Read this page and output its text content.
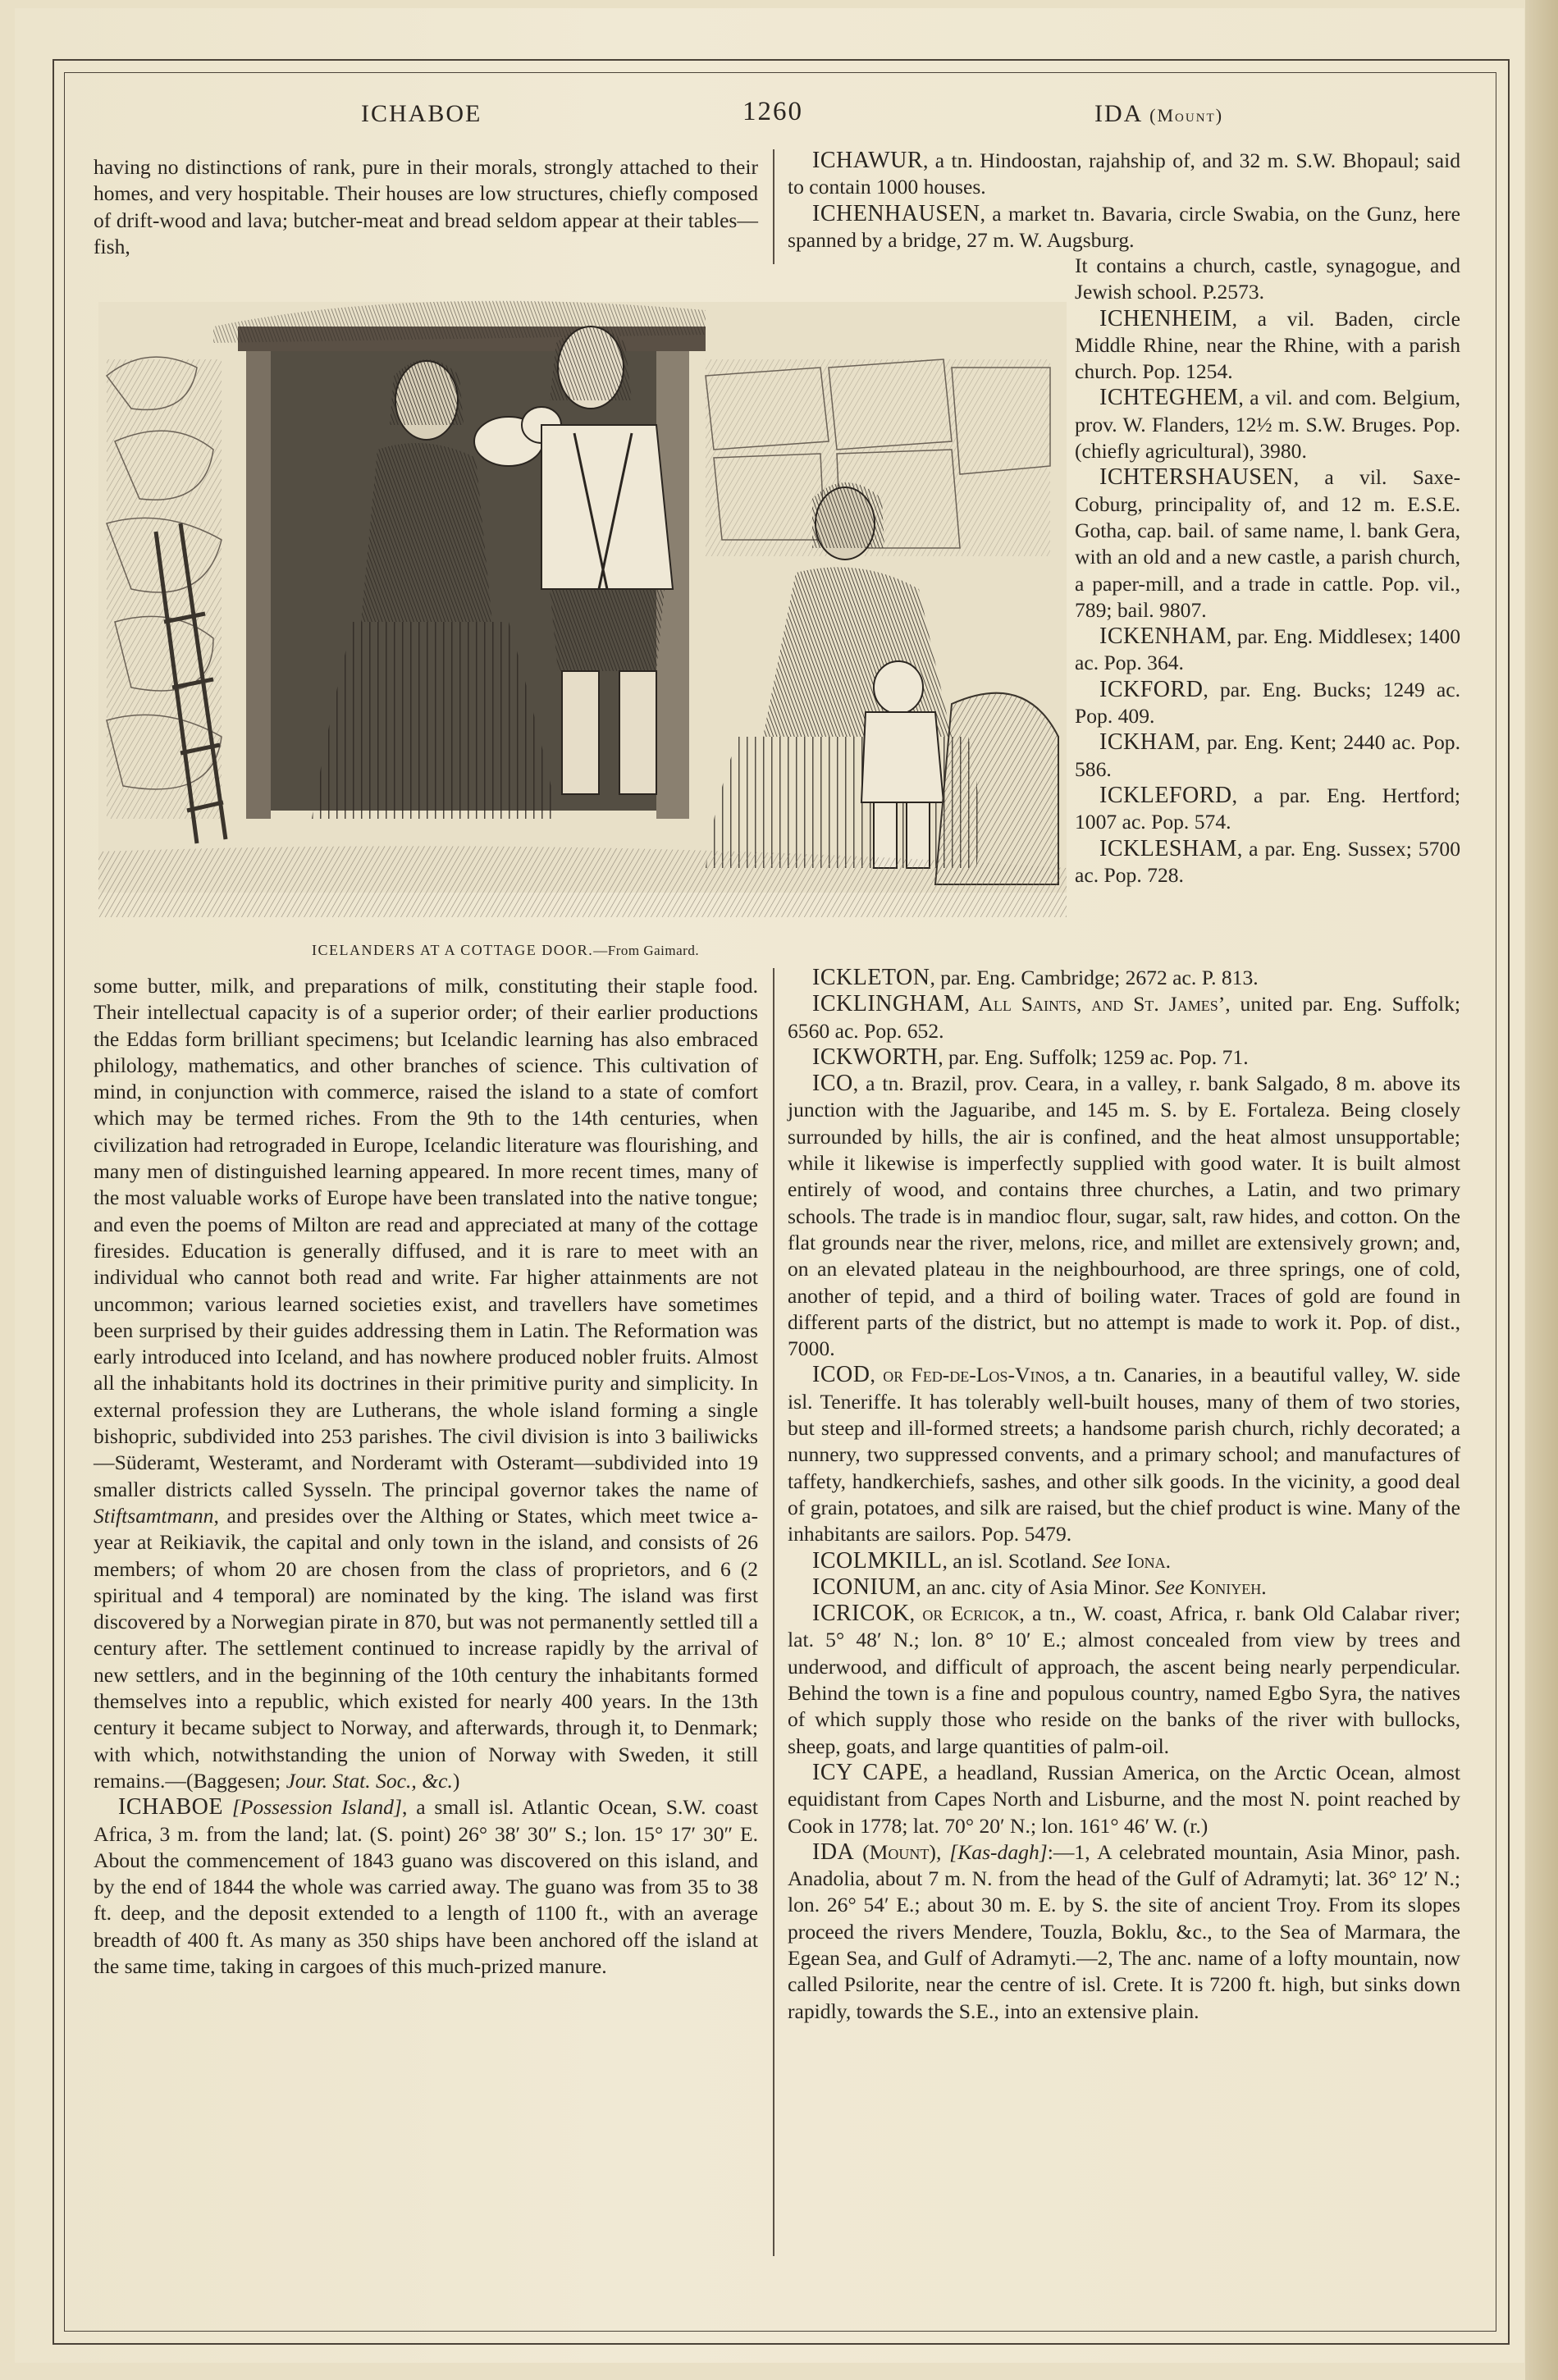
ICHABOE	1260	IDA (Mount)

having no distinctions of rank, pure in their morals, strongly attached to their homes, and very hospitable. Their houses are low structures, chiefly composed of drift-wood and lava; butcher-meat and bread seldom appear at their tables—fish,

ICELANDERS AT A COTTAGE DOOR.—From Gaimard.

ICHAWUR, a tn. Hindoostan, rajahship of, and 32 m. S.W. Bhopaul; said to contain 1000 houses.

ICHENHAUSEN, a market tn. Bavaria, circle Swabia, on the Gunz, here spanned by a bridge, 27 m. W. Augsburg.

It contains a church, castle, synagogue, and Jewish school. P.2573.

ICHENHEIM, a vil. Baden, circle Middle Rhine, near the Rhine, with a parish church. Pop. 1254.

ICHTEGHEM, a vil. and com. Belgium, prov. W. Flanders, 12½ m. S.W. Bruges. Pop. (chiefly agricultural), 3980.

ICHTERSHAUSEN, a vil. Saxe-Coburg, principality of, and 12 m. E.S.E. Gotha, cap. bail. of same name, l. bank Gera, with an old and a new castle, a parish church, a paper-mill, and a trade in cattle. Pop. vil., 789; bail. 9807.

ICKENHAM, par. Eng. Middlesex; 1400 ac. Pop. 364.

ICKFORD, par. Eng. Bucks; 1249 ac. Pop. 409.

ICKHAM, par. Eng. Kent; 2440 ac. Pop. 586.

ICKLEFORD, a par. Eng. Hertford; 1007 ac. Pop. 574.

ICKLESHAM, a par. Eng. Sussex; 5700 ac. Pop. 728.

some butter, milk, and preparations of milk, constituting their staple food. Their intellectual capacity is of a superior order; of their earlier productions the Eddas form brilliant specimens; but Icelandic learning has also embraced philology, mathematics, and other branches of science. This cultivation of mind, in conjunction with commerce, raised the island to a state of comfort which may be termed riches. From the 9th to the 14th centuries, when civilization had retrograded in Europe, Icelandic literature was flourishing, and many men of distinguished learning appeared. In more recent times, many of the most valuable works of Europe have been translated into the native tongue; and even the poems of Milton are read and appreciated at many of the cottage firesides. Education is generally diffused, and it is rare to meet with an individual who cannot both read and write. Far higher attainments are not uncommon; various learned societies exist, and travellers have sometimes been surprised by their guides addressing them in Latin. The Reformation was early introduced into Iceland, and has nowhere produced nobler fruits. Almost all the inhabitants hold its doctrines in their primitive purity and simplicity. In external profession they are Lutherans, the whole island forming a single bishopric, subdivided into 253 parishes. The civil division is into 3 bailiwicks—Süderamt, Westeramt, and Norderamt with Osteramt—subdivided into 19 smaller districts called Sysseln. The principal governor takes the name of Stiftsamtmann, and presides over the Althing or States, which meet twice a-year at Reikiavik, the capital and only town in the island, and consists of 26 members; of whom 20 are chosen from the class of proprietors, and 6 (2 spiritual and 4 temporal) are nominated by the king. The island was first discovered by a Norwegian pirate in 870, but was not permanently settled till a century after. The settlement continued to increase rapidly by the arrival of new settlers, and in the beginning of the 10th century the inhabitants formed themselves into a republic, which existed for nearly 400 years. In the 13th century it became subject to Norway, and afterwards, through it, to Denmark; with which, notwithstanding the union of Norway with Sweden, it still remains.—(Baggesen; Jour. Stat. Soc., &c.)

ICHABOE [Possession Island], a small isl. Atlantic Ocean, S.W. coast Africa, 3 m. from the land; lat. (S. point) 26° 38′ 30″ S.; lon. 15° 17′ 30″ E. About the commencement of 1843 guano was discovered on this island, and by the end of 1844 the whole was carried away. The guano was from 35 to 38 ft. deep, and the deposit extended to a length of 1100 ft., with an average breadth of 400 ft. As many as 350 ships have been anchored off the island at the same time, taking in cargoes of this much-prized manure.

ICKLETON, par. Eng. Cambridge; 2672 ac. P. 813.

ICKLINGHAM, All Saints, and St. James’, united par. Eng. Suffolk; 6560 ac. Pop. 652.

ICKWORTH, par. Eng. Suffolk; 1259 ac. Pop. 71.

ICO, a tn. Brazil, prov. Ceara, in a valley, r. bank Salgado, 8 m. above its junction with the Jaguaribe, and 145 m. S. by E. Fortaleza. Being closely surrounded by hills, the air is confined, and the heat almost unsupportable; while it likewise is imperfectly supplied with good water. It is built almost entirely of wood, and contains three churches, a Latin, and two primary schools. The trade is in mandioc flour, sugar, salt, raw hides, and cotton. On the flat grounds near the river, melons, rice, and millet are extensively grown; and, on an elevated plateau in the neighbourhood, are three springs, one of cold, another of tepid, and a third of boiling water. Traces of gold are found in different parts of the district, but no attempt is made to work it. Pop. of dist., 7000.

ICOD, or Fed-de-Los-Vinos, a tn. Canaries, in a beautiful valley, W. side isl. Teneriffe. It has tolerably well-built houses, many of them of two stories, but steep and ill-formed streets; a handsome parish church, richly decorated; a nunnery, two suppressed convents, and a primary school; and manufactures of taffety, handkerchiefs, sashes, and other silk goods. In the vicinity, a good deal of grain, potatoes, and silk are raised, but the chief product is wine. Many of the inhabitants are sailors. Pop. 5479.

ICOLMKILL, an isl. Scotland. See Iona.

ICONIUM, an anc. city of Asia Minor. See Koniyeh.

ICRICOK, or Ecricok, a tn., W. coast, Africa, r. bank Old Calabar river; lat. 5° 48′ N.; lon. 8° 10′ E.; almost concealed from view by trees and underwood, and difficult of approach, the ascent being nearly perpendicular. Behind the town is a fine and populous country, named Egbo Syra, the natives of which supply those who reside on the banks of the river with bullocks, sheep, goats, and large quantities of palm-oil.

ICY CAPE, a headland, Russian America, on the Arctic Ocean, almost equidistant from Capes North and Lisburne, and the most N. point reached by Cook in 1778; lat. 70° 20′ N.; lon. 161° 46′ W. (r.)

IDA (Mount), [Kas-dagh]:—1, A celebrated mountain, Asia Minor, pash. Anadolia, about 7 m. N. from the head of the Gulf of Adramyti; lat. 36° 12′ N.; lon. 26° 54′ E.; about 30 m. E. by S. the site of ancient Troy. From its slopes proceed the rivers Mendere, Touzla, Boklu, &c., to the Sea of Marmara, the Egean Sea, and Gulf of Adramyti.—2, The anc. name of a lofty mountain, now called Psilorite, near the centre of isl. Crete. It is 7200 ft. high, but sinks down rapidly, towards the S.E., into an extensive plain.
